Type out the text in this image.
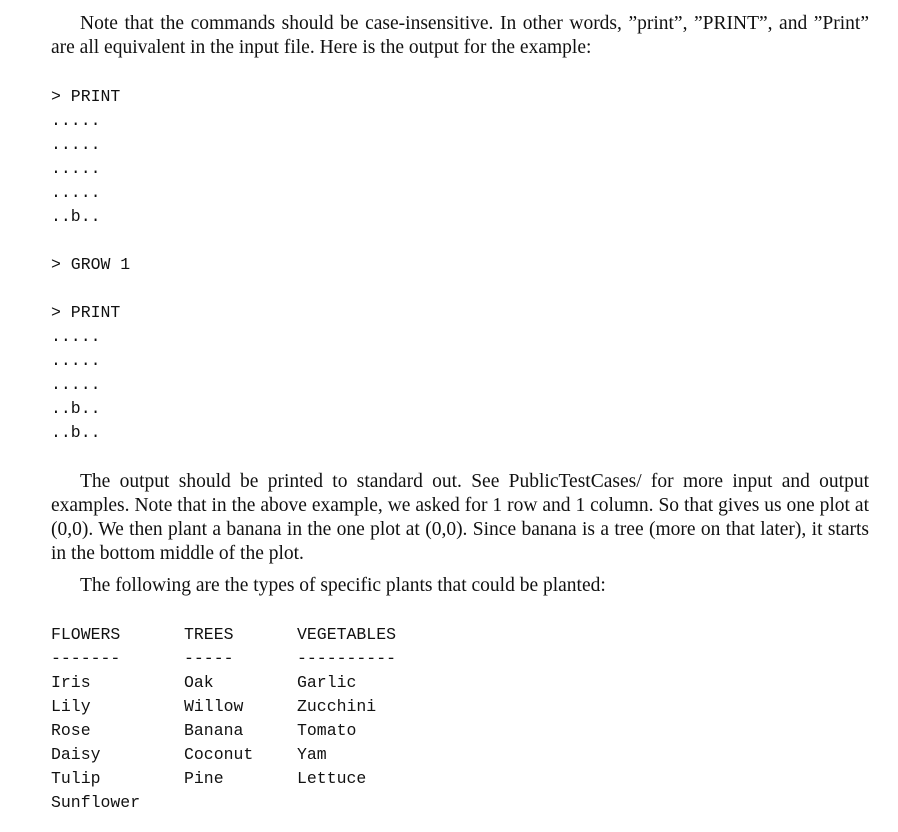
Note that the commands should be case-insensitive. In other words, ”print”, ”PRINT”, and ”Print” are all equivalent in the input file. Here is the output for the example:

> PRINT
.....
.....
.....
.....
..b..
> GROW 1
> PRINT
.....
.....
.....
..b..
..b..

The output should be printed to standard out. See PublicTestCases/ for more input and output examples. Note that in the above example, we asked for 1 row and 1 column. So that gives us one plot at (0,0). We then plant a banana in the one plot at (0,0). Since banana is a tree (more on that later), it starts in the bottom middle of the plot.

The following are the types of specific plants that could be planted:

FLOWERS	TREES	VEGETABLES
-------	-----	----------
Iris	Oak	Garlic
Lily	Willow	Zucchini
Rose	Banana	Tomato
Daisy	Coconut	Yam
Tulip	Pine	Lettuce
Sunflower
